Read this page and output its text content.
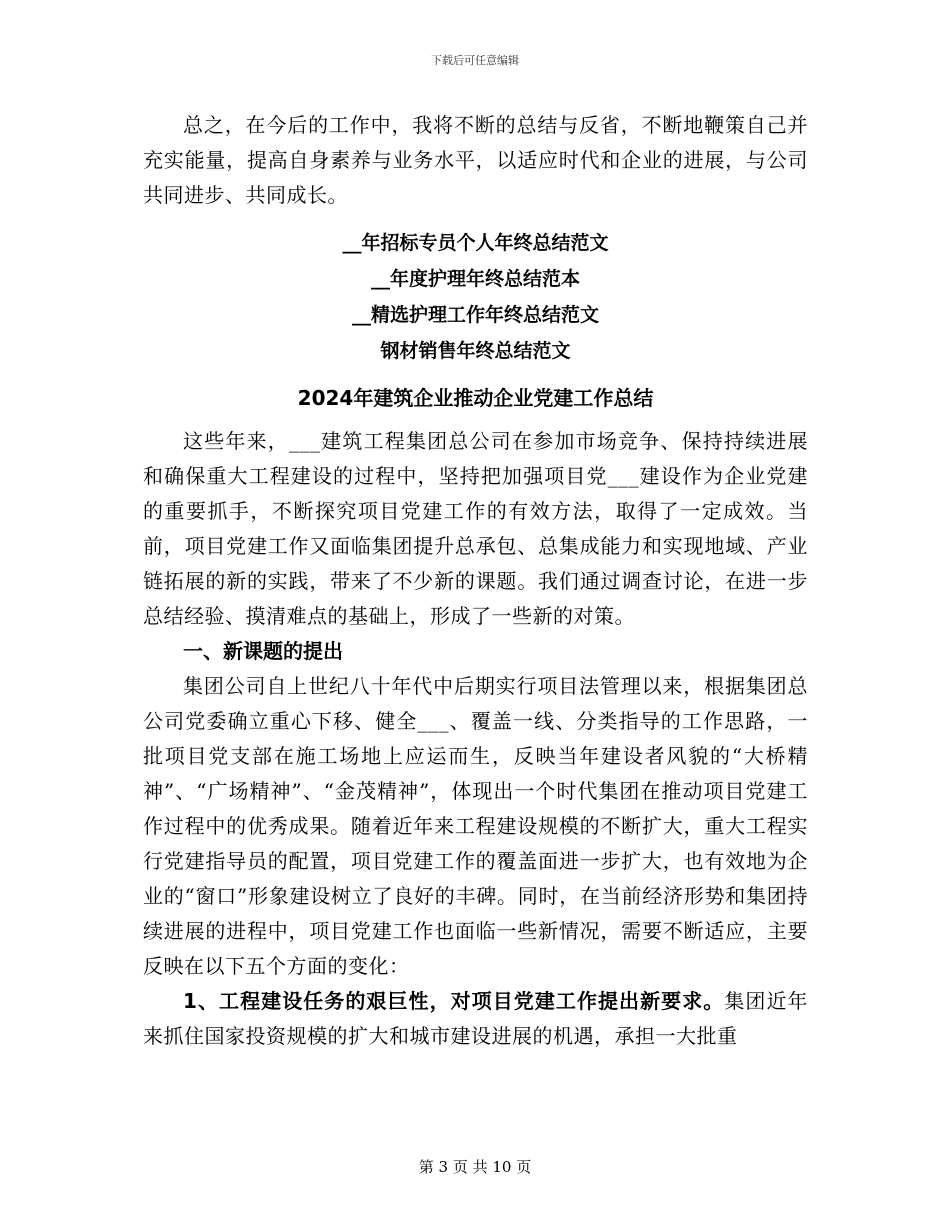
下载后可任意编辑

总之，在今后的工作中，我将不断的总结与反省，不断地鞭策自己并充实能量，提高自身素养与业务水平，以适应时代和企业的进展，与公司共同进步、共同成长。

__年招标专员个人年终总结范文

__年度护理年终总结范本

__精选护理工作年终总结范文

钢材销售年终总结范文

2024年建筑企业推动企业党建工作总结

这些年来，___建筑工程集团总公司在参加市场竞争、保持持续进展和确保重大工程建设的过程中，坚持把加强项目党___建设作为企业党建的重要抓手，不断探究项目党建工作的有效方法，取得了一定成效。当前，项目党建工作又面临集团提升总承包、总集成能力和实现地域、产业链拓展的新的实践，带来了不少新的课题。我们通过调查讨论，在进一步总结经验、摸清难点的基础上，形成了一些新的对策。

一、新课题的提出

集团公司自上世纪八十年代中后期实行项目法管理以来，根据集团总公司党委确立重心下移、健全___、覆盖一线、分类指导的工作思路，一批项目党支部在施工场地上应运而生，反映当年建设者风貌的“大桥精神”、“广场精神”、“金茂精神”，体现出一个时代集团在推动项目党建工作过程中的优秀成果。随着近年来工程建设规模的不断扩大，重大工程实行党建指导员的配置，项目党建工作的覆盖面进一步扩大，也有效地为企业的“窗口”形象建设树立了良好的丰碑。同时，在当前经济形势和集团持续进展的进程中，项目党建工作也面临一些新情况，需要不断适应，主要反映在以下五个方面的变化：

1、工程建设任务的艰巨性，对项目党建工作提出新要求。集团近年来抓住国家投资规模的扩大和城市建设进展的机遇，承担一大批重

第 3 页 共 10 页
